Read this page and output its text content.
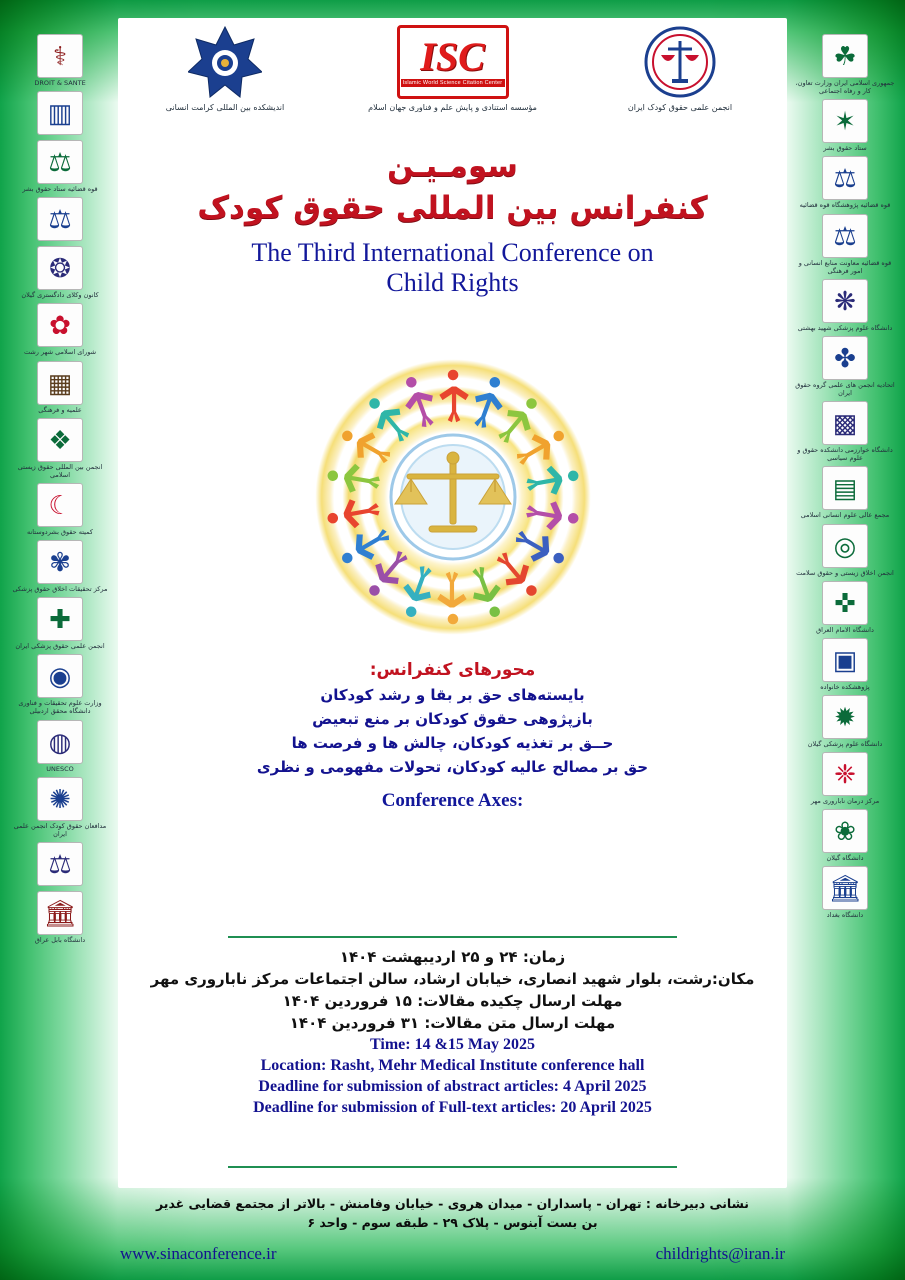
⚕
DROIT & SANTE
▥
⚖
قوه قضائیه ستاد حقوق بشر
⚖
❂
کانون وکلای دادگستری گیلان
✿
شورای اسلامی شهر رشت
▦
علمیه و فرهنگی
❖
انجمن بین المللی حقوق زیستی اسلامی
☾
کمیته حقوق بشردوستانه
✾
مرکز تحقیقات اخلاق حقوق پزشکی
✚
انجمن علمی حقوق پزشکی ایران
◉
وزارت علوم تحقیقات و فناوری دانشگاه محقق اردبیلی
◍
UNESCO
✺
مدافعان حقوق کودک انجمن علمی ایران
⚖
🏛
دانشگاه بابل عراق
☘
جمهوری اسلامی ایران وزارت تعاون، کار و رفاه اجتماعی
✶
ستاد حقوق بشر
⚖
قوه قضائیه پژوهشگاه قوه قضائیه
⚖
قوه قضائیه معاونت منابع انسانی و امور فرهنگی
❋
دانشگاه علوم پزشکی شهید بهشتی
✤
اتحادیه انجمن های علمی گروه حقوق ایران
▩
دانشگاه خوارزمی دانشکده حقوق و علوم سیاسی
▤
مجمع عالی علوم انسانی اسلامی
◎
انجمن اخلاق زیستی و حقوق سلامت
✜
دانشگاه الامام العراق
▣
پژوهشکده خانواده
✹
دانشگاه علوم پزشکی گیلان
❈
مرکز درمان ناباروری مهر
❀
دانشگاه گیلان
🏛
دانشگاه بغداد
اندیشکده بین المللی کرامت انسانی
ISC
Islamic World Science Citation Center
مؤسسه استنادی و پایش علم و فناوری جهان اسلام	انجمن علمی حقوق کودک ایران
سومـیـن
کنفرانس بین المللی حقوق کودک
The Third International Conference on
Child Rights
محورهای کنفرانس:
بایسته‌های حق بر بقا و رشد کودکان
بازپژوهی حقوق کودکان بر منع تبعیض
حــق بر تغذیه کودکان، چالش ها و فرصت ها
حق بر مصالح عالیه کودکان، تحولات مفهومی و نظری
Conference Axes:
زمان: ۲۴ و ۲۵ اردیبهشت ۱۴۰۴
مکان:رشت، بلوار شهید انصاری، خیابان ارشاد، سالن اجتماعات مرکز ناباروری مهر
مهلت ارسال چکیده مقالات: ۱۵ فروردین ۱۴۰۴
مهلت ارسال متن مقالات: ۳۱ فروردین ۱۴۰۴
Time: 14 &15 May 2025
Location: Rasht, Mehr Medical Institute conference hall
Deadline for submission of abstract articles: 4 April 2025
Deadline for submission of Full-text articles: 20 April 2025
نشانی دبیرخانه : تهران - پاسداران - میدان هروی - خیابان وفامنش - بالاتر از مجتمع قضایی غدیر
بن بست آبنوس - پلاک ۲۹ - طبقه سوم - واحد ۶
www.sinaconference.ir	childrights@iran.ir
